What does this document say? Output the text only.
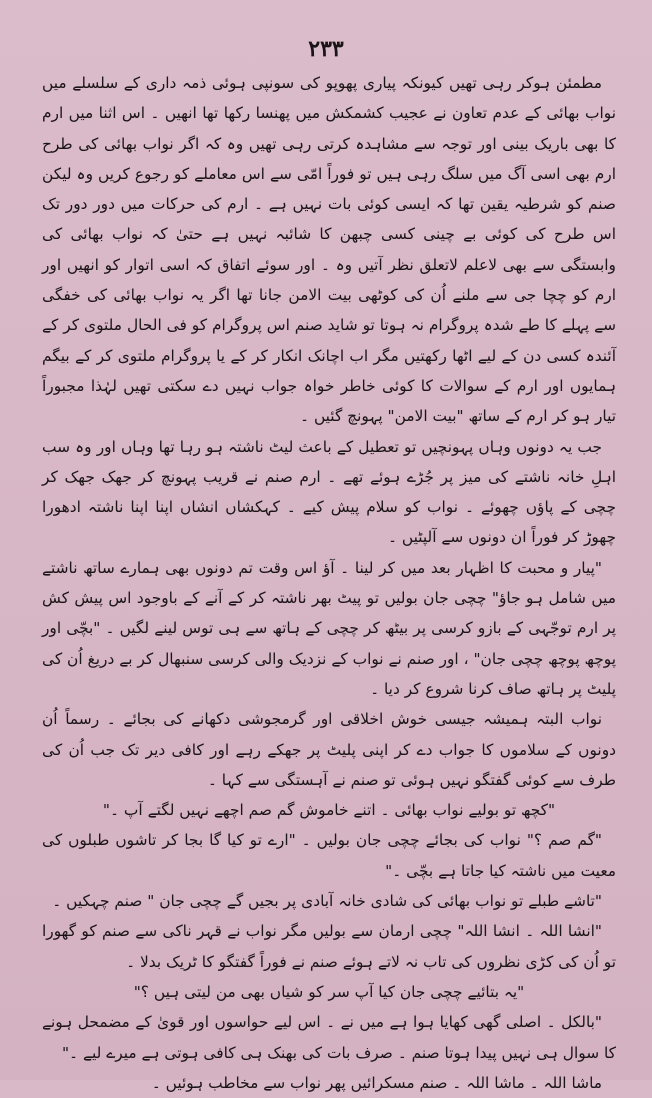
۲۳۳

مطمئن ہوکر رہی تھیں کیونکہ پیاری پھوپو کی سونپی ہوئی ذمہ داری کے سلسلے میں نواب بھائی کے عدم تعاون نے عجیب کشمکش میں پھنسا رکھا تھا انھیں ۔ اس اثنا میں ارم کا بھی باریک بینی اور توجہ سے مشاہدہ کرتی رہی تھیں وہ کہ اگر نواب بھائی کی طرح ارم بھی اسی آگ میں سلگ رہی ہیں تو فوراً امّی سے اس معاملے کو رجوع کریں وہ لیکن صنم کو شرطیہ یقین تھا کہ ایسی کوئی بات نہیں ہے ۔ ارم کی حرکات میں دور دور تک اس طرح کی کوئی بے چینی کسی چبھن کا شائبہ نہیں ہے حتیٰ کہ نواب بھائی کی وابستگی سے بھی لاعلم لاتعلق نظر آتیں وہ ۔ اور سوئے اتفاق کہ اسی اتوار کو انھیں اور ارم کو چچا جی سے ملنے اُن کی کوٹھی بیت الامن جانا تھا اگر یہ نواب بھائی کی خفگی سے پہلے کا طے شدہ پروگرام نہ ہوتا تو شاید صنم اس پروگرام کو فی الحال ملتوی کر کے آئندہ کسی دن کے لیے اٹھا رکھتیں مگر اب اچانک انکار کر کے یا پروگرام ملتوی کر کے بیگم ہمایوں اور ارم کے سوالات کا کوئی خاطر خواہ جواب نہیں دے سکتی تھیں لہٰذا مجبوراً تیار ہو کر ارم کے ساتھ "بیت الامن" پہونچ گئیں ۔

جب یہ دونوں وہاں پہونچیں تو تعطیل کے باعث لیٹ ناشتہ ہو رہا تھا وہاں اور وہ سب اہلِ خانہ ناشتے کی میز پر جُڑے ہوئے تھے ۔ ارم صنم نے قریب پہونچ کر جھک جھک کر چچی کے پاؤں چھوئے ۔ نواب کو سلام پیش کیے ۔ کہکشاں انشاں اپنا اپنا ناشتہ ادھورا چھوڑ کر فوراً ان دونوں سے آلپٹیں ۔

"پیار و محبت کا اظہار بعد میں کر لینا ۔ آؤ اس وقت تم دونوں بھی ہمارے ساتھ ناشتے میں شامل ہو جاؤ" چچی جان بولیں تو پیٹ بھر ناشتہ کر کے آنے کے باوجود اس پیش کش پر ارم توجّہی کے بازو کرسی پر بیٹھ کر چچی کے ہاتھ سے ہی توس لینے لگیں ۔ "بچّی اور پوچھ پوچھ چچی جان" ، اور صنم نے نواب کے نزدیک والی کرسی سنبھال کر بے دریغ اُن کی پلیٹ پر ہاتھ صاف کرنا شروع کر دیا ۔

نواب البتہ ہمیشہ جیسی خوش اخلاقی اور گرمجوشی دکھانے کی بجائے ۔ رسماً اُن دونوں کے سلاموں کا جواب دے کر اپنی پلیٹ پر جھکے رہے اور کافی دیر تک جب اُن کی طرف سے کوئی گفتگو نہیں ہوئی تو صنم نے آہستگی سے کہا ۔

"کچھ تو بولیے نواب بھائی ۔ اتنے خاموش گم صم اچھے نہیں لگتے آپ ۔"

"گم صم ؟" نواب کی بجائے چچی جان بولیں ۔ "ارے تو کیا گا بجا کر تاشوں طبلوں کی معیت میں ناشتہ کیا جاتا ہے بچّی ۔"

"تاشے طبلے تو نواب بھائی کی شادی خانہ آبادی پر بجیں گے چچی جان " صنم چہکیں ۔

"انشا اللہ ۔ انشا اللہ" چچی ارمان سے بولیں مگر نواب نے قہر ناکی سے صنم کو گھورا تو اُن کی کڑی نظروں کی تاب نہ لاتے ہوئے صنم نے فوراً گفتگو کا ٹریک بدلا ۔

"یہ بتائیے چچی جان کیا آپ سر کو شیاں بھی من لیتی ہیں ؟"

"بالکل ۔ اصلی گھی کھایا ہوا ہے میں نے ۔ اس لیے حواسوں اور قویٰ کے مضمحل ہونے کا سوال ہی نہیں پیدا ہوتا صنم ۔ صرف بات کی بھنک ہی کافی ہوتی ہے میرے لیے ۔"

ماشا اللہ ۔ ماشا اللہ ۔ صنم مسکرائیں پھر نواب سے مخاطب ہوئیں ۔
